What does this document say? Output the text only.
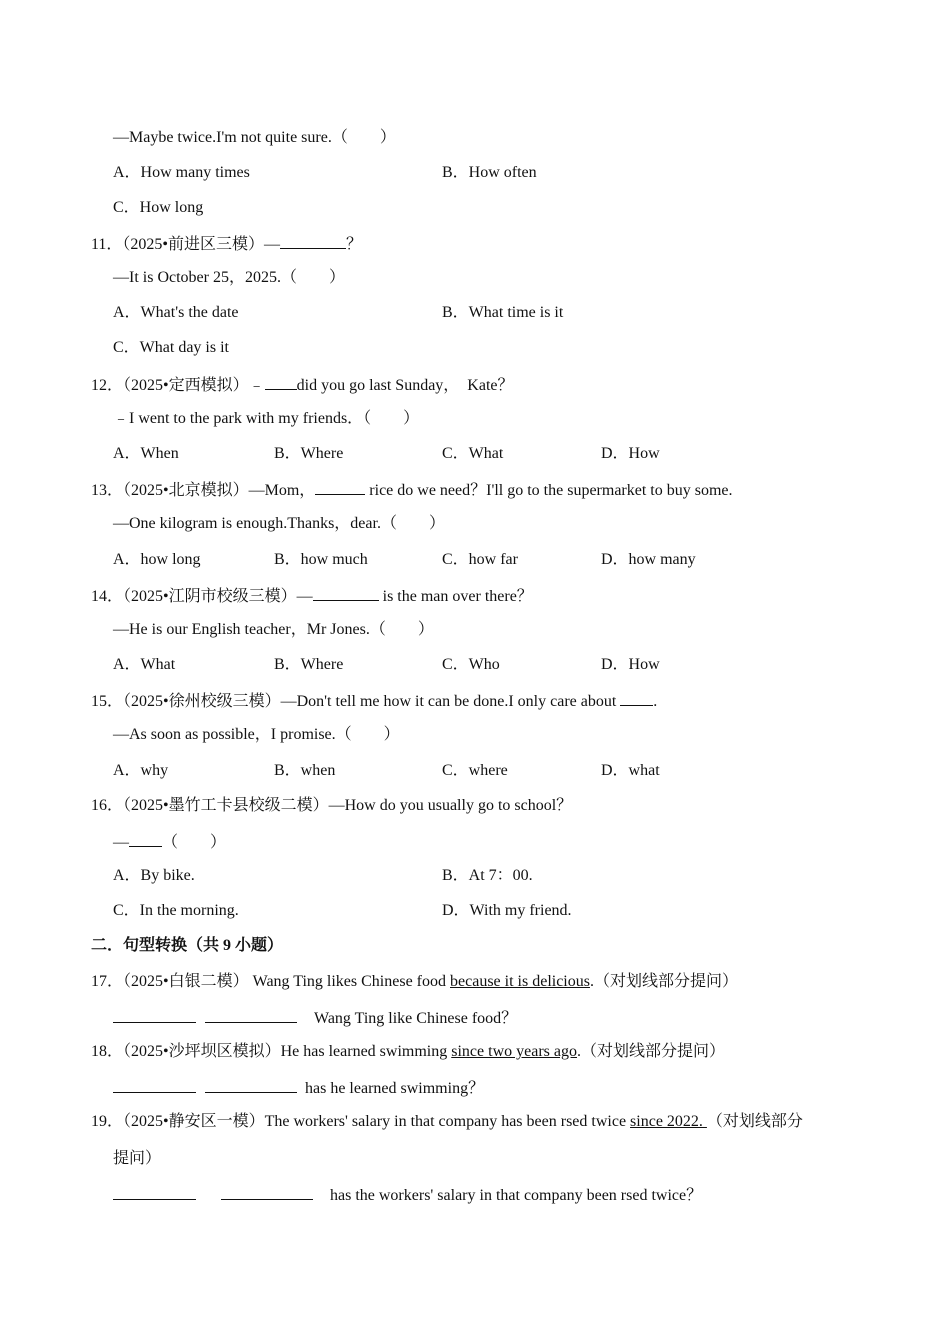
—Maybe twice.I'm not quite sure.（　　）
A．How many times	B．How often
C．How long
11．（2025•前进区三模）—	？
—It is October 25，2025.（　　）
A．What's the date	B．What time is it
C．What day is it
12．（2025•定西模拟）﹣ did you go last Sunday，　Kate？
﹣I went to the park with my friends．（　　）
A．When	B．Where	C．What	D．How
13．（2025•北京模拟）—Mom，	rice do we need？I'll go to the supermarket to buy some.
—One kilogram is enough.Thanks，dear.（　　）
A．how long	B．how much	C．how far	D．how many
14．（2025•江阴市校级三模）—	is the man over there？
—He is our English teacher，Mr Jones.（　　）
A．What	B．Where	C．Who	D．How
15．（2025•徐州校级三模）—Don't tell me how it can be done.I only care about .
—As soon as possible，I promise.（　　）
A．why	B．when	C．where	D．what
16．（2025•墨竹工卡县校级二模）—How do you usually go to school？
— （　　）
A．By bike.	B．At 7：00.
C．In the morning.	D．With my friend.
二．句型转换（共 9 小题）
17．（2025•白银二模） Wang Ting likes Chinese food because it is delicious.（对划线部分提问）
Wang Ting like Chinese food？
18．（2025•沙坪坝区模拟）He has learned swimming since two years ago.（对划线部分提问）
has he learned swimming？
19．（2025•静安区一模）The workers' salary in that company has been rsed twice since 2022. （对划线部分
提问）
has the workers' salary in that company been rsed twice？
